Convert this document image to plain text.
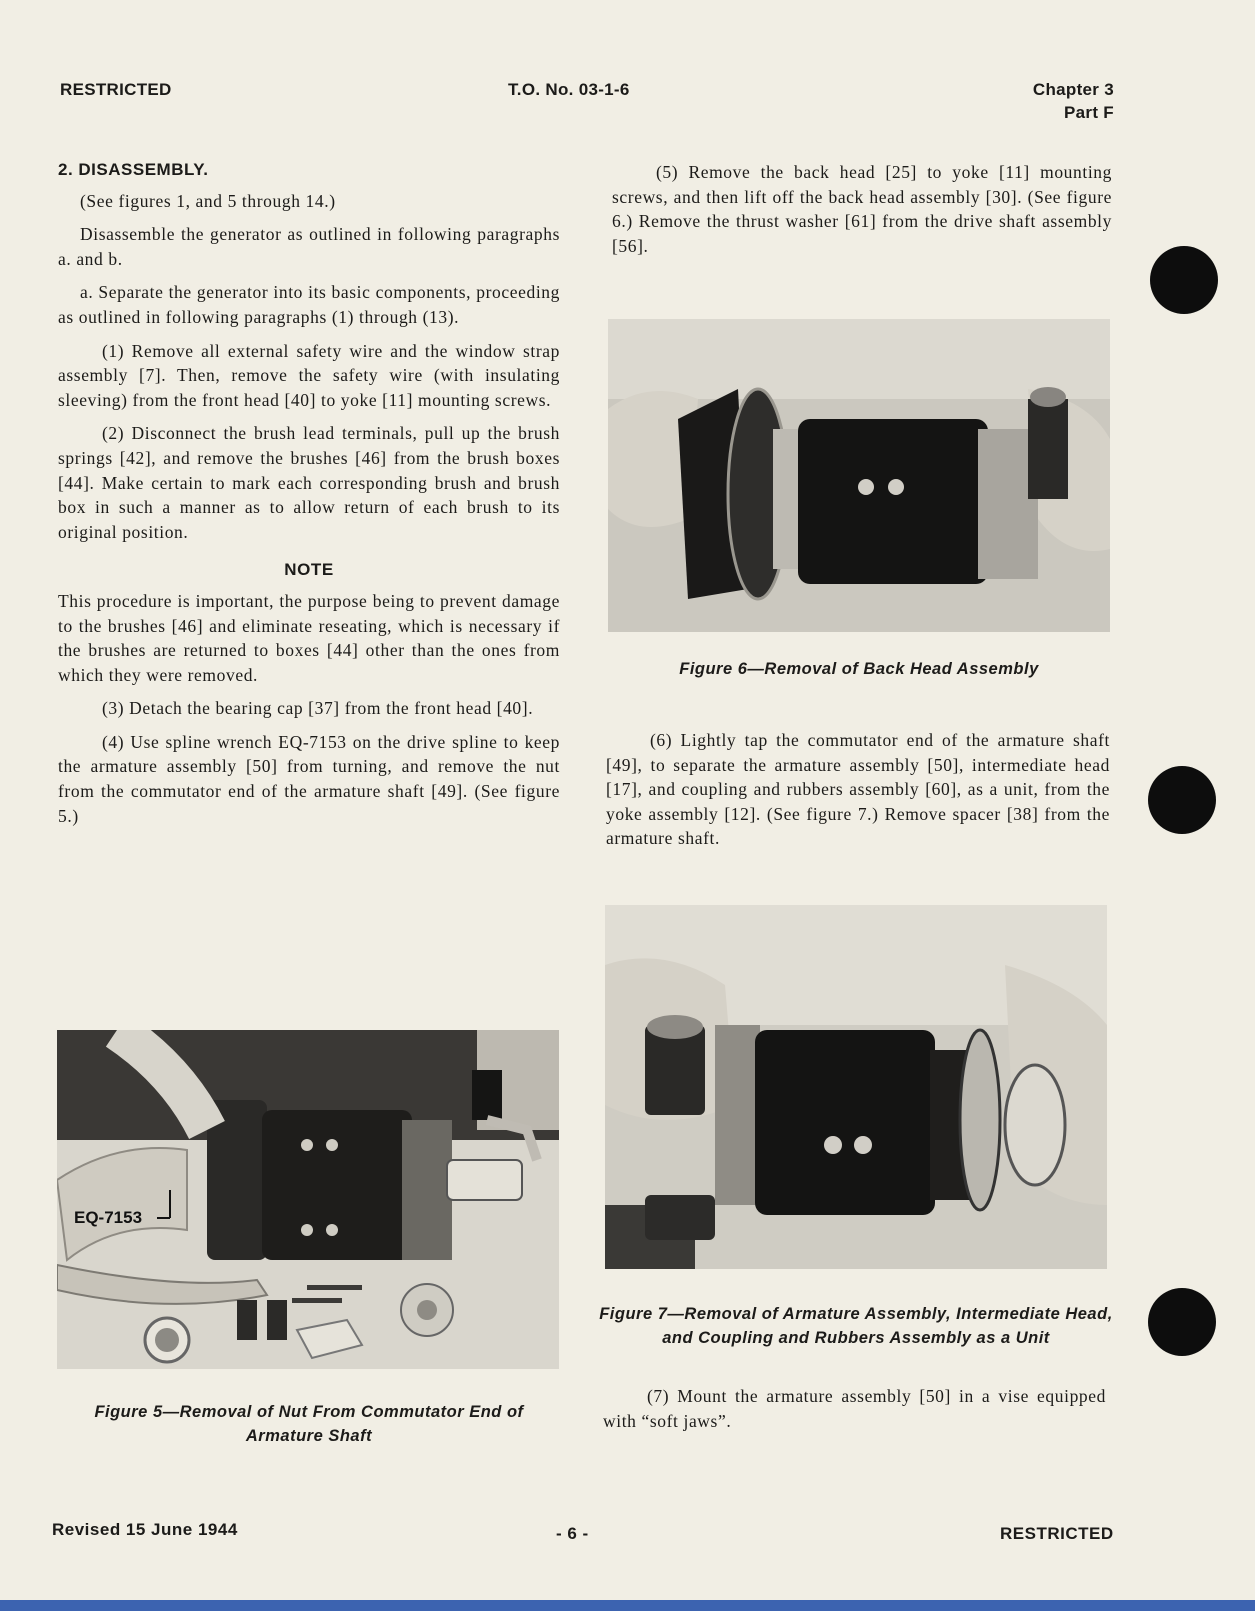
RESTRICTED	T.O. No. 03-1-6	Chapter 3
Part F
2. DISASSEMBLY.

(See figures 1, and 5 through 14.)

Disassemble the generator as outlined in following paragraphs a. and b.

a. Separate the generator into its basic components, proceeding as outlined in following paragraphs (1) through (13).

(1) Remove all external safety wire and the window strap assembly [7]. Then, remove the safety wire (with insulating sleeving) from the front head [40] to yoke [11] mounting screws.

(2) Disconnect the brush lead terminals, pull up the brush springs [42], and remove the brushes [46] from the brush boxes [44]. Make certain to mark each corresponding brush and brush box in such a manner as to allow return of each brush to its original position.

NOTE

This procedure is important, the purpose being to prevent damage to the brushes [46] and eliminate reseating, which is necessary if the brushes are returned to boxes [44] other than the ones from which they were removed.

(3) Detach the bearing cap [37] from the front head [40].

(4) Use spline wrench EQ-7153 on the drive spline to keep the armature assembly [50] from turning, and remove the nut from the commutator end of the armature shaft [49]. (See figure 5.)

EQ-7153
Figure 5—Removal of Nut From Commutator End of Armature Shaft

(5) Remove the back head [25] to yoke [11] mounting screws, and then lift off the back head assembly [30]. (See figure 6.) Remove the thrust washer [61] from the drive shaft assembly [56].

Figure 6—Removal of Back Head Assembly

(6) Lightly tap the commutator end of the armature shaft [49], to separate the armature assembly [50], intermediate head [17], and coupling and rubbers assembly [60], as a unit, from the yoke assembly [12]. (See figure 7.) Remove spacer [38] from the armature shaft.

Figure 7—Removal of Armature Assembly, Intermediate Head, and Coupling and Rubbers Assembly as a Unit

(7) Mount the armature assembly [50] in a vise equipped with “soft jaws”.

Revised 15 June 1944	- 6 -	RESTRICTED
